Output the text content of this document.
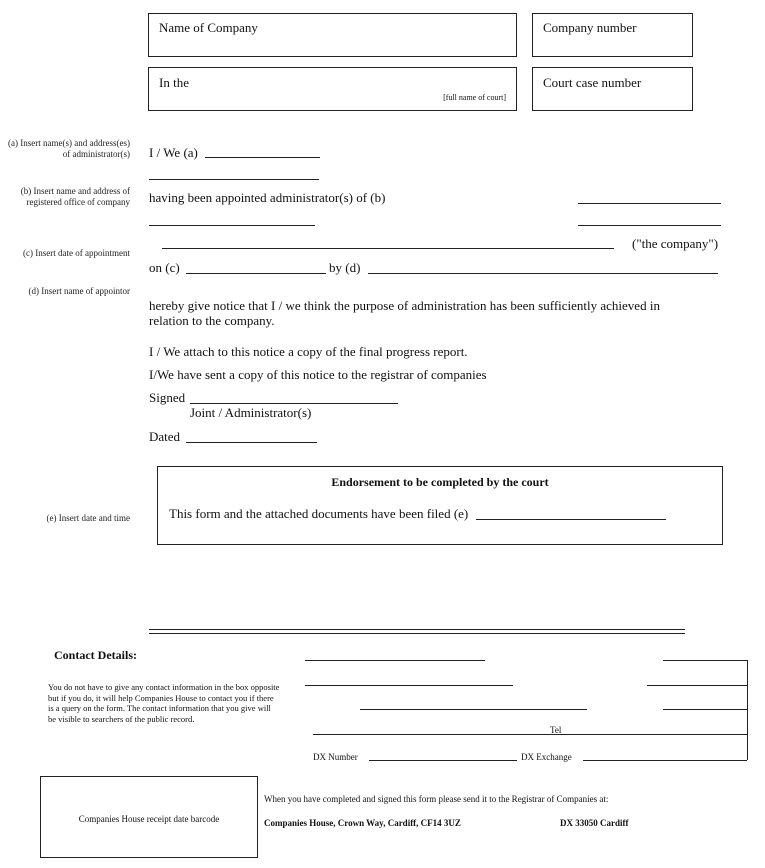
Name of Company	Company number
In the
[full name of court]
Court case number
(a) Insert name(s) and address(es) of administrator(s)
(b) Insert name and address of registered office of company
(c) Insert date of appointment
(d) Insert name of appointor
(e) Insert date and time
I / We (a)
having been appointed administrator(s) of (b)
("the company")
on (c)	by (d)
hereby give notice that I / we think the purpose of administration has been sufficiently achieved in relation to the company.
I / We attach to this notice a copy of the final progress report.
I/We have sent a copy of this notice to the registrar of companies
Signed
Joint / Administrator(s)
Dated
Endorsement to be completed by the court
This form and the attached documents have been filed (e)
Contact Details:
You do not have to give any contact information in the box opposite but if you do, it will help Companies House to contact you if there is a query on the form. The contact information that you give will be visible to searchers of the public record.
Tel
DX Number	DX Exchange
Companies House receipt date barcode
When you have completed and signed this form please send it to the Registrar of Companies at:
Companies House, Crown Way, Cardiff, CF14 3UZ	DX 33050 Cardiff
